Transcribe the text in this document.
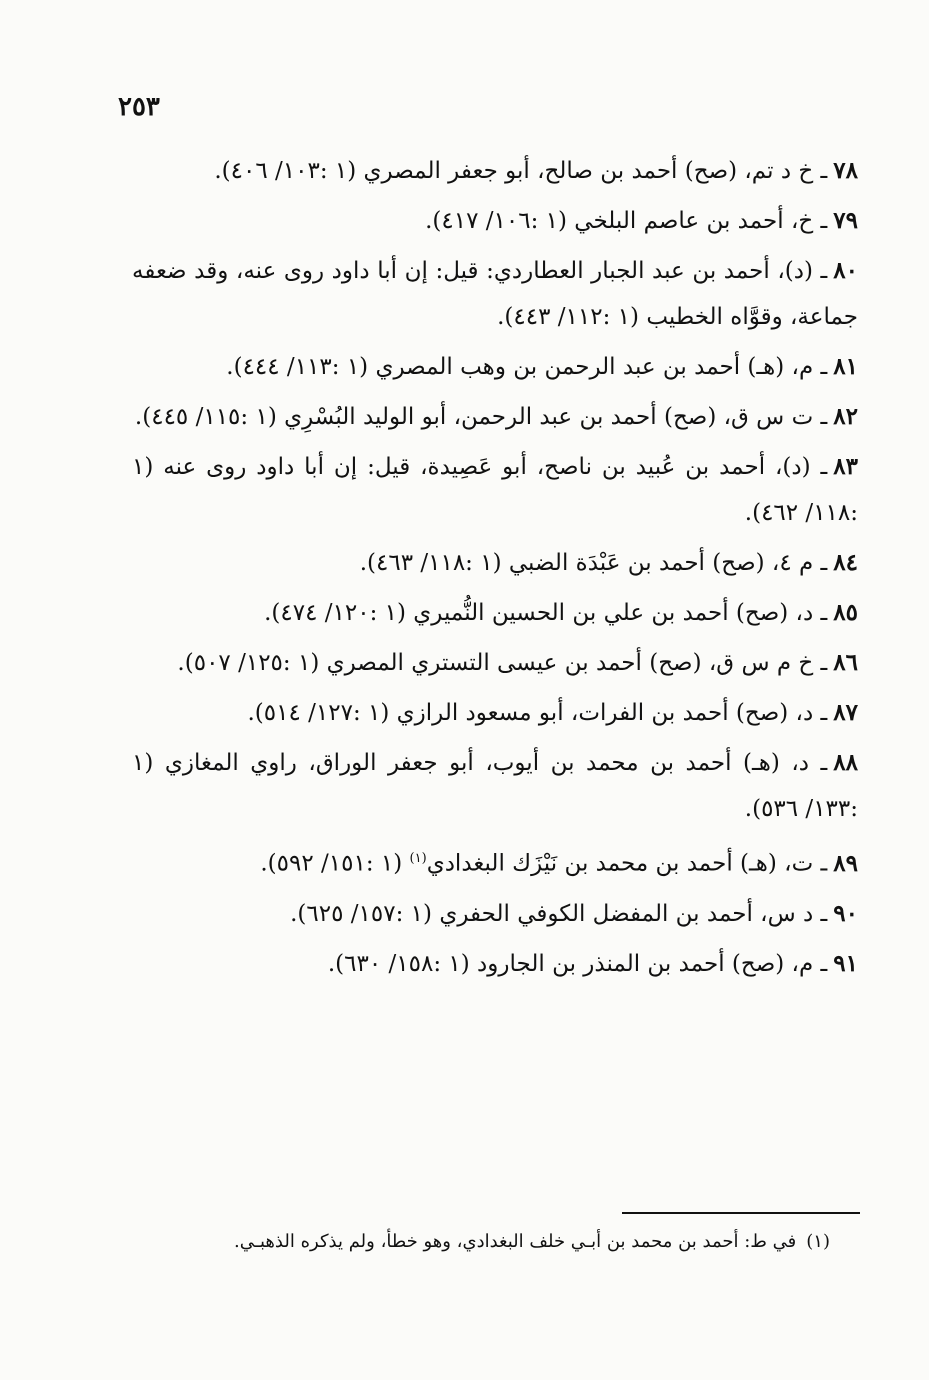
٢٥٣

٧٨ـ خ د تم، (صح) أحمد بن صالح، أبو جعفر المصري (١ :١٠٣/ ٤٠٦).

٧٩ـ خ، أحمد بن عاصم البلخي (١ :١٠٦/ ٤١٧).

٨٠ـ (د)، أحمد بن عبد الجبار العطاردي: قيل: إن أبا داود روى عنه، وقد ضعفه جماعة، وقوَّاه الخطيب (١ :١١٢/ ٤٤٣).

٨١ـ م، (هـ) أحمد بن عبد الرحمن بن وهب المصري (١ :١١٣/ ٤٤٤).

٨٢ـ ت س ق، (صح) أحمد بن عبد الرحمن، أبو الوليد البُسْرِي (١ :١١٥/ ٤٤٥).

٨٣ـ (د)، أحمد بن عُبيد بن ناصح، أبو عَصِيدة، قيل: إن أبا داود روى عنه (١ :١١٨/ ٤٦٢).

٨٤ـ م ٤، (صح) أحمد بن عَبْدَة الضبي (١ :١١٨/ ٤٦٣).

٨٥ـ د، (صح) أحمد بن علي بن الحسين النُّميري (١ :١٢٠/ ٤٧٤).

٨٦ـ خ م س ق، (صح) أحمد بن عيسى التستري المصري (١ :١٢٥/ ٥٠٧).

٨٧ـ د، (صح) أحمد بن الفرات، أبو مسعود الرازي (١ :١٢٧/ ٥١٤).

٨٨ـ د، (هـ) أحمد بن محمد بن أيوب، أبو جعفر الوراق، راوي المغازي (١ :١٣٣/ ٥٣٦).

٨٩ـ ت، (هـ) أحمد بن محمد بن نَيْزَك البغدادي$^{(١)}$ (١ :١٥١/ ٥٩٢).

٩٠ـ د س، أحمد بن المفضل الكوفي الحفري (١ :١٥٧/ ٦٢٥).

٩١ـ م، (صح) أحمد بن المنذر بن الجارود (١ :١٥٨/ ٦٣٠).

(١)في ط: أحمد بن محمد بن أبـي خلف البغدادي، وهو خطأ، ولم يذكره الذهبـي.
